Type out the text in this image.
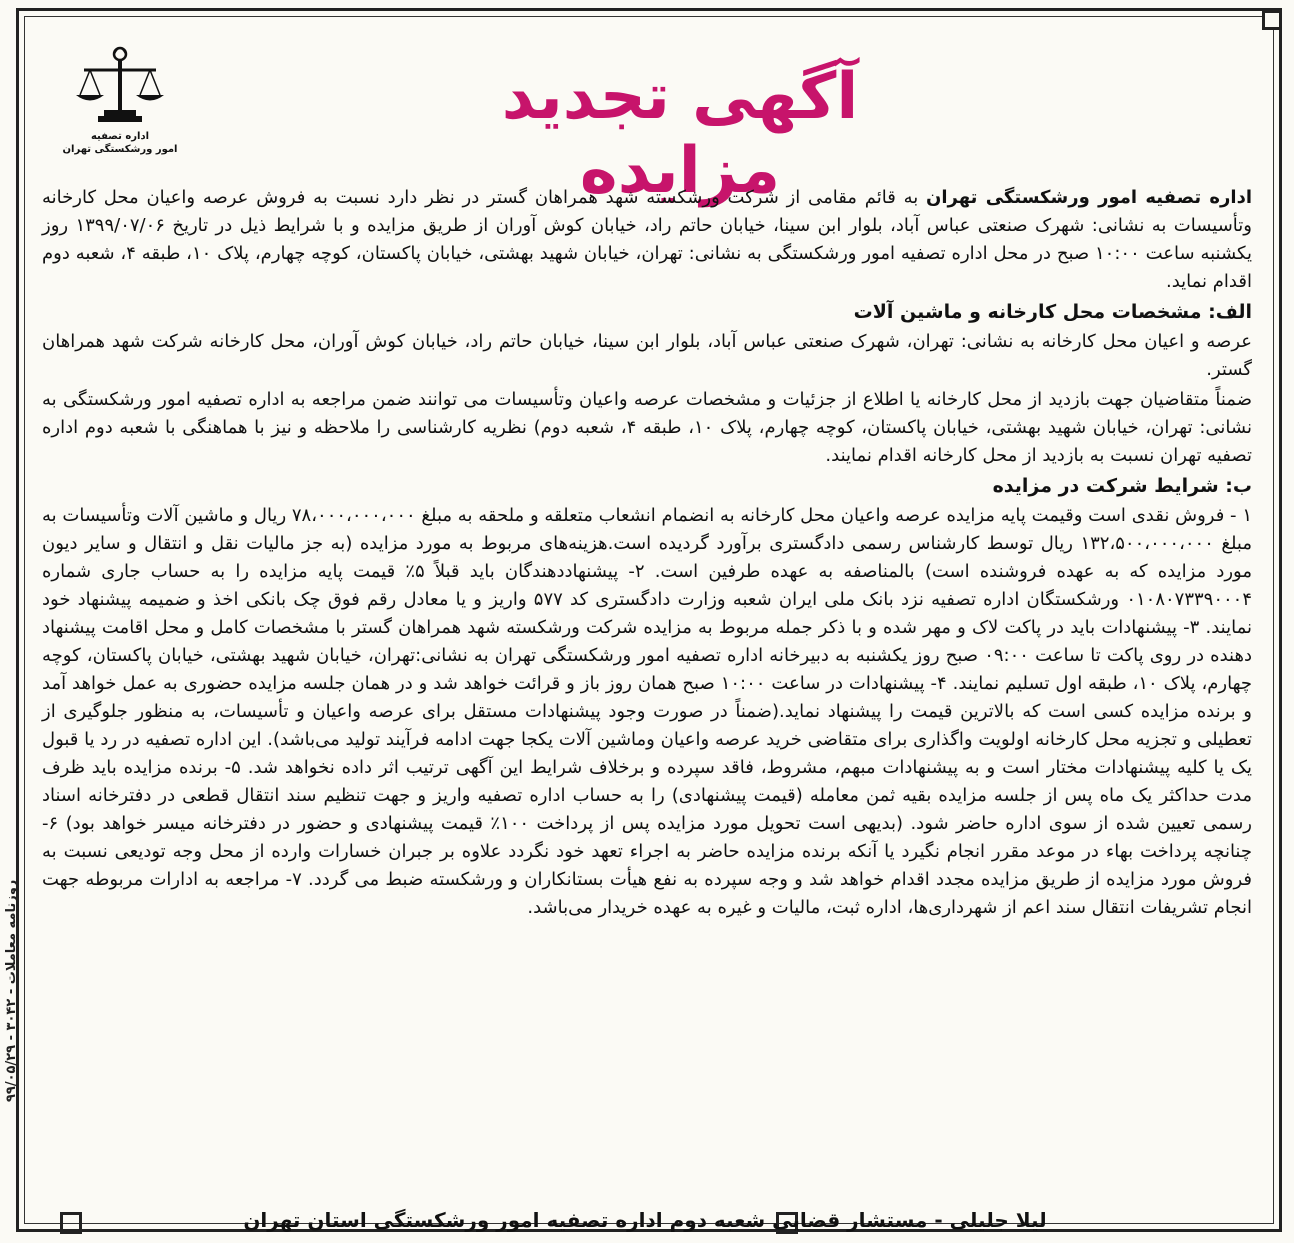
اداره تصفیه
امور ورشکستگی تهران
آگهی تجدید مزایده	اداره تصفیه امور ورشکستگی تهران به قائم مقامی از شرکت ورشکسته شهد همراهان گستر در نظر دارد نسبت به فروش عرصه واعیان محل کارخانه وتأسیسات به نشانی: شهرک صنعتی عباس آباد، بلوار ابن سینا، خیابان حاتم راد، خیابان کوش آوران از طریق مزایده و با شرایط ذیل در تاریخ ۱۳۹۹/۰۷/۰۶ روز یکشنبه ساعت ۱۰:۰۰ صبح در محل اداره تصفیه امور ورشکستگی به نشانی: تهران، خیابان شهید بهشتی، خیابان پاکستان، کوچه چهارم، پلاک ۱۰، طبقه ۴، شعبه دوم اقدام نماید.

الف: مشخصات محل کارخانه و ماشین آلات

عرصه و اعیان محل کارخانه به نشانی: تهران، شهرک صنعتی عباس آباد، بلوار ابن سینا، خیابان حاتم راد، خیابان کوش آوران، محل کارخانه شرکت شهد همراهان گستر.

ضمناً متقاضیان جهت بازدید از محل کارخانه یا اطلاع از جزئیات و مشخصات عرصه واعیان وتأسیسات می توانند ضمن مراجعه به اداره تصفیه امور ورشکستگی به نشانی: تهران، خیابان شهید بهشتی، خیابان پاکستان، کوچه چهارم، پلاک ۱۰، طبقه ۴، شعبه دوم) نظریه کارشناسی را ملاحظه و نیز با هماهنگی با شعبه دوم اداره تصفیه تهران نسبت به بازدید از محل کارخانه اقدام نمایند.

ب: شرایط شرکت در مزایده

۱ - فروش نقدی است وقیمت پایه مزایده عرصه واعیان محل کارخانه به انضمام انشعاب متعلقه و ملحقه به مبلغ ۷۸،۰۰۰،۰۰۰،۰۰۰ ریال و ماشین آلات وتأسیسات به مبلغ ۱۳۲،۵۰۰،۰۰۰،۰۰۰ ریال توسط کارشناس رسمی دادگستری برآورد گردیده است.هزینه‌های مربوط به مورد مزایده (به جز مالیات نقل و انتقال و سایر دیون مورد مزایده که به عهده فروشنده است) بالمناصفه به عهده طرفین است. ۲- پیشنهاددهندگان باید قبلاً ۵٪ قیمت پایه مزایده را به حساب جاری شماره ۰۱۰۸۰۷۳۳۹۰۰۰۴ ورشکستگان اداره تصفیه نزد بانک ملی ایران شعبه وزارت دادگستری کد ۵۷۷ واریز و یا معادل رقم فوق چک بانکی اخذ و ضمیمه پیشنهاد خود نمایند. ۳- پیشنهادات باید در پاکت لاک و مهر شده و با ذکر جمله مربوط به مزایده شرکت ورشکسته شهد همراهان گستر با مشخصات کامل و محل اقامت پیشنهاد دهنده در روی پاکت تا ساعت ۰۹:۰۰ صبح روز یکشنبه به دبیرخانه اداره تصفیه امور ورشکستگی تهران به نشانی:تهران، خیابان شهید بهشتی، خیابان پاکستان، کوچه چهارم، پلاک ۱۰، طبقه اول تسلیم نمایند. ۴- پیشنهادات در ساعت ۱۰:۰۰ صبح همان روز باز و قرائت خواهد شد و در همان جلسه مزایده حضوری به عمل خواهد آمد و برنده مزایده کسی است که بالاترین قیمت را پیشنهاد نماید.(ضمناً در صورت وجود پیشنهادات مستقل برای عرصه واعیان و تأسیسات، به منظور جلوگیری از تعطیلی و تجزیه محل کارخانه اولویت واگذاری برای متقاضی خرید عرصه واعیان وماشین آلات یکجا جهت ادامه فرآیند تولید می‌باشد). این اداره تصفیه در رد یا قبول یک یا کلیه پیشنهادات مختار است و به پیشنهادات مبهم، مشروط، فاقد سپرده و برخلاف شرایط این آگهی ترتیب اثر داده نخواهد شد. ۵- برنده مزایده باید ظرف مدت حداکثر یک ماه پس از جلسه مزایده بقیه ثمن معامله (قیمت پیشنهادی) را به حساب اداره تصفیه واریز و جهت تنظیم سند انتقال قطعی در دفترخانه اسناد رسمی تعیین شده از سوی اداره حاضر شود. (بدیهی است تحویل مورد مزایده پس از پرداخت ۱۰۰٪ قیمت پیشنهادی و حضور در دفترخانه میسر خواهد بود) ۶- چنانچه پرداخت بهاء در موعد مقرر انجام نگیرد یا آنکه برنده مزایده حاضر به اجراء تعهد خود نگردد علاوه بر جبران خسارات وارده از محل وجه تودیعی نسبت به فروش مورد مزایده از طریق مزایده مجدد اقدام خواهد شد و وجه سپرده به نفع هیأت بستانکاران و ورشکسته ضبط می گردد. ۷- مراجعه به ادارات مربوطه جهت انجام تشریفات انتقال سند اعم از شهرداری‌ها، اداره ثبت، مالیات و غیره به عهده خریدار می‌باشد.

روزنامه معاملات - ۳۰۴۲ - ۹۹/۰۵/۲۹
لیلا جلیلی - مستشار قضایی شعبه دوم اداره تصفیه امور ورشکستگی استان تهران
